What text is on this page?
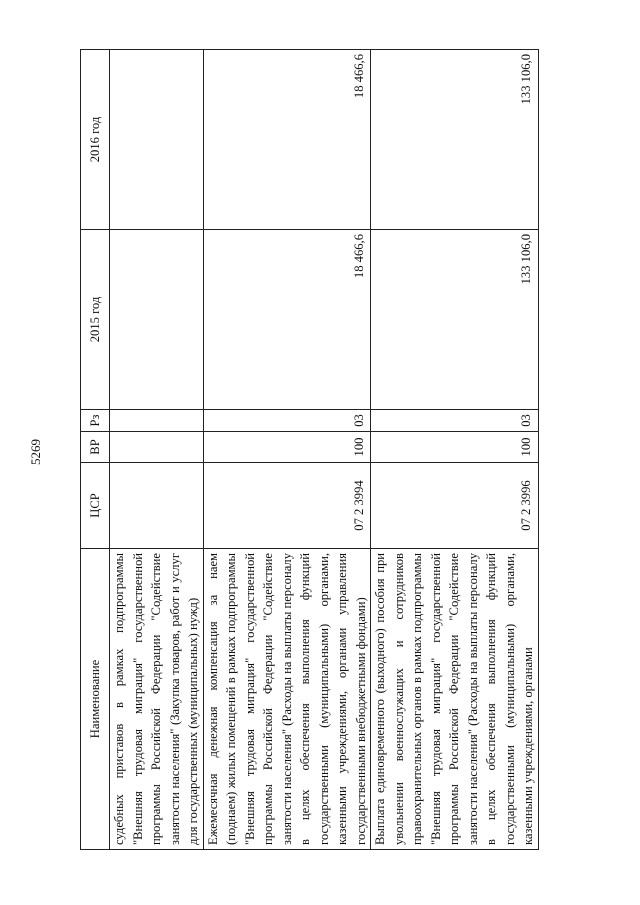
5269
Наименование	ЦСР	ВР	Рз	2015 год	2016 год
судебных приставов в рамках подпрограммы "Внешняя трудовая миграция" государственной программы Российской Федерации "Содействие занятости населения" (Закупка товаров, работ и услуг для государственных (муниципальных) нужд)					
Ежемесячная денежная компенсация за наем (поднаем) жилых помещений в рамках подпрограммы "Внешняя трудовая миграция" государственной программы Российской Федерации "Содействие занятости населения" (Расходы на выплаты персоналу в целях обеспечения выполнения функций государственными (муниципальными) органами, казенными учреждениями, органами управления государственными внебюджетными фондами)	07 2 3994	100	03	18 466,6	18 466,6
Выплата единовременного (выходного) пособия при увольнении военнослужащих и сотрудников правоохранительных органов в рамках подпрограммы "Внешняя трудовая миграция" государственной программы Российской Федерации "Содействие занятости населения" (Расходы на выплаты персоналу в целях обеспечения выполнения функций государственными (муниципальными) органами, казенными учреждениями, органами	07 2 3996	100	03	133 106,0	133 106,0
